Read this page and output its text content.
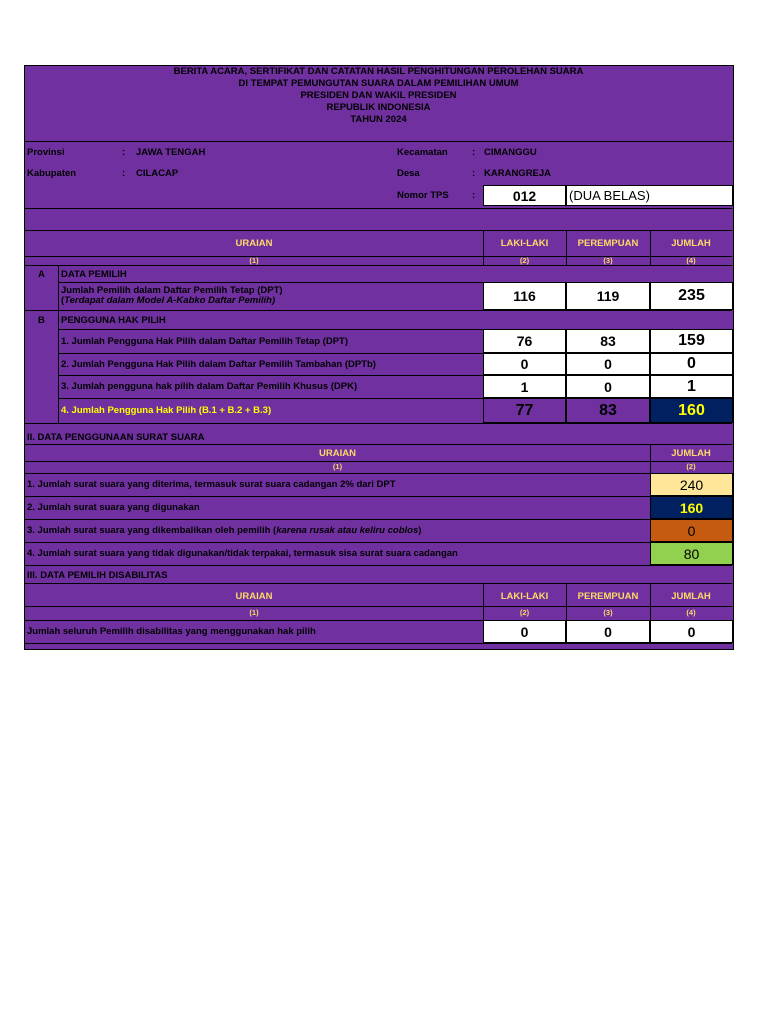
BERITA ACARA, SERTIFIKAT DAN CATATAN HASIL PENGHITUNGAN PEROLEHAN SUARA
DI TEMPAT PEMUNGUTAN SUARA DALAM PEMILIHAN UMUM
PRESIDEN DAN WAKIL PRESIDEN
REPUBLIK INDONESIA
TAHUN 2024
Provinsi	: JAWA TENGAH
Kabupaten	: CILACAP
Kecamatan	: CIMANGGU
Desa	: KARANGREJA
Nomor TPS :	012	(DUA BELAS)
URAIAN	LAKI-LAKI	PEREMPUAN	JUMLAH
(1)	(2)	(3)	(4)
A DATA PEMILIH
Jumlah Pemilih dalam Daftar Pemilih Tetap (DPT)
(Terdapat dalam Model A-Kabko Daftar Pemilih)	116	119	235
B PENGGUNA HAK PILIH
1. Jumlah Pengguna Hak Pilih dalam Daftar Pemilih Tetap (DPT)	76	83	159
2. Jumlah Pengguna Hak Pilih dalam Daftar Pemilih Tambahan (DPTb)	0	0	0
3. Jumlah pengguna hak pilih dalam Daftar Pemilih Khusus (DPK)	1	0	1
4. Jumlah Pengguna Hak Pilih (B.1 + B.2 + B.3)	77	83	160
II. DATA PENGGUNAAN SURAT SUARA
URAIAN	JUMLAH
(1)	(2)
1. Jumlah surat suara yang diterima, termasuk surat suara cadangan 2% dari DPT	240
2. Jumlah surat suara yang digunakan	160
3. Jumlah surat suara yang dikembalikan oleh pemilih (karena rusak atau keliru coblos)	0
4. Jumlah surat suara yang tidak digunakan/tidak terpakai, termasuk sisa surat suara cadangan	80
III. DATA PEMILIH DISABILITAS
URAIAN	LAKI-LAKI	PEREMPUAN	JUMLAH
(1)	(2)	(3)	(4)
Jumlah seluruh Pemilih disabilitas yang menggunakan hak pilih	0	0	0
